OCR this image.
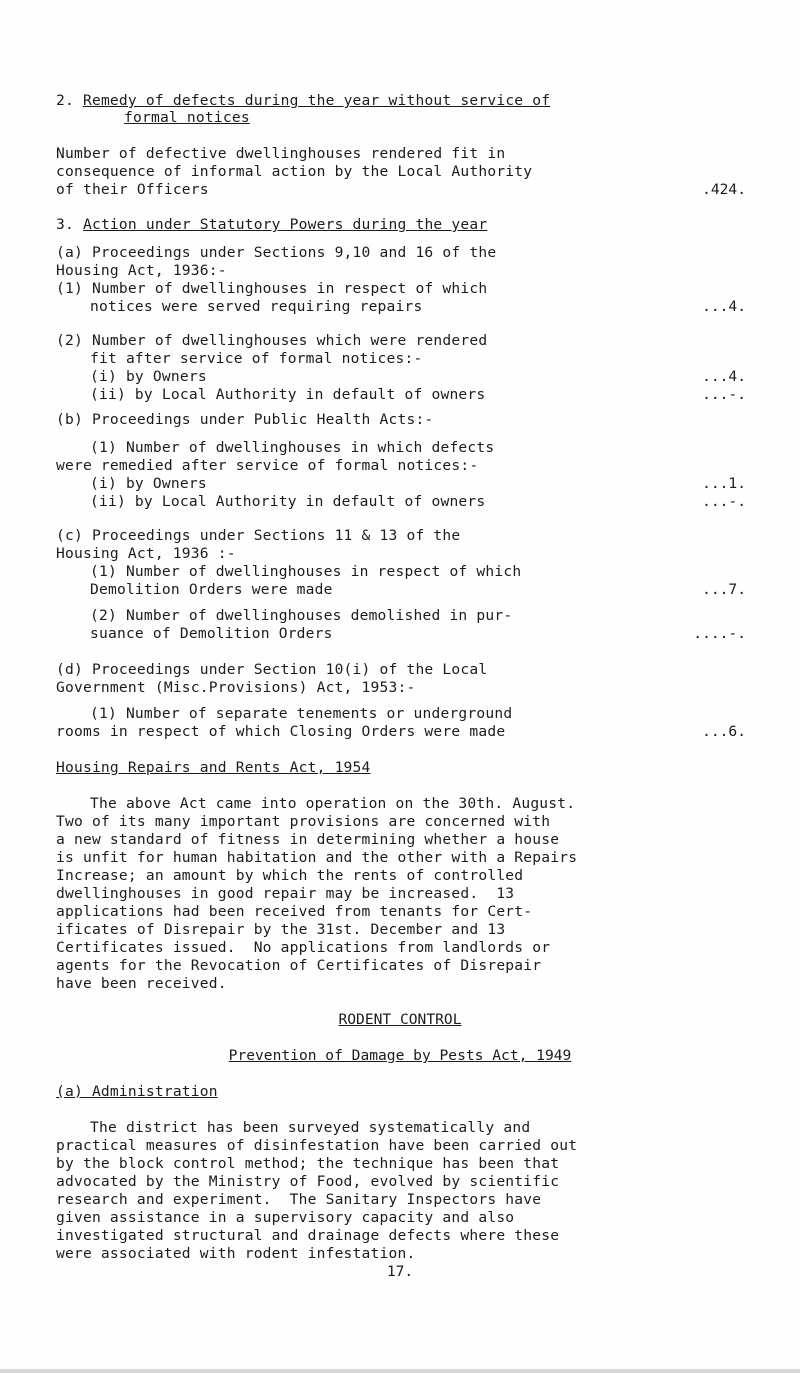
2. Remedy of defects during the year without service of
formal notices
Number of defective dwellinghouses rendered fit in
consequence of informal action by the Local Authority
of their Officers	.424.
3. Action under Statutory Powers during the year
(a) Proceedings under Sections 9,10 and 16 of the
Housing Act, 1936:-
(1) Number of dwellinghouses in respect of which
notices were served requiring repairs	...4.
(2) Number of dwellinghouses which were rendered
fit after service of formal notices:-
(i) by Owners	...4.
(ii) by Local Authority in default of owners	...-.
(b) Proceedings under Public Health Acts:-
(1) Number of dwellinghouses in which defects
were remedied after service of formal notices:-
(i) by Owners	...1.
(ii) by Local Authority in default of owners	...-.
(c) Proceedings under Sections 11 & 13 of the
Housing Act, 1936 :-
(1) Number of dwellinghouses in respect of which
Demolition Orders were made	...7.
(2) Number of dwellinghouses demolished in pur-
suance of Demolition Orders	....-.
(d) Proceedings under Section 10(i) of the Local
Government (Misc.Provisions) Act, 1953:-
(1) Number of separate tenements or underground
rooms in respect of which Closing Orders were made	...6.
Housing Repairs and Rents Act, 1954
The above Act came into operation on the 30th. August.
Two of its many important provisions are concerned with
a new standard of fitness in determining whether a house
is unfit for human habitation and the other with a Repairs
Increase; an amount by which the rents of controlled
dwellinghouses in good repair may be increased.  13
applications had been received from tenants for Cert-
ificates of Disrepair by the 31st. December and 13
Certificates issued.  No applications from landlords or
agents for the Revocation of Certificates of Disrepair
have been received.
RODENT CONTROL
Prevention of Damage by Pests Act, 1949
(a) Administration
The district has been surveyed systematically and
practical measures of disinfestation have been carried out
by the block control method; the technique has been that
advocated by the Ministry of Food, evolved by scientific
research and experiment.  The Sanitary Inspectors have
given assistance in a supervisory capacity and also
investigated structural and drainage defects where these
were associated with rodent infestation.
17.
